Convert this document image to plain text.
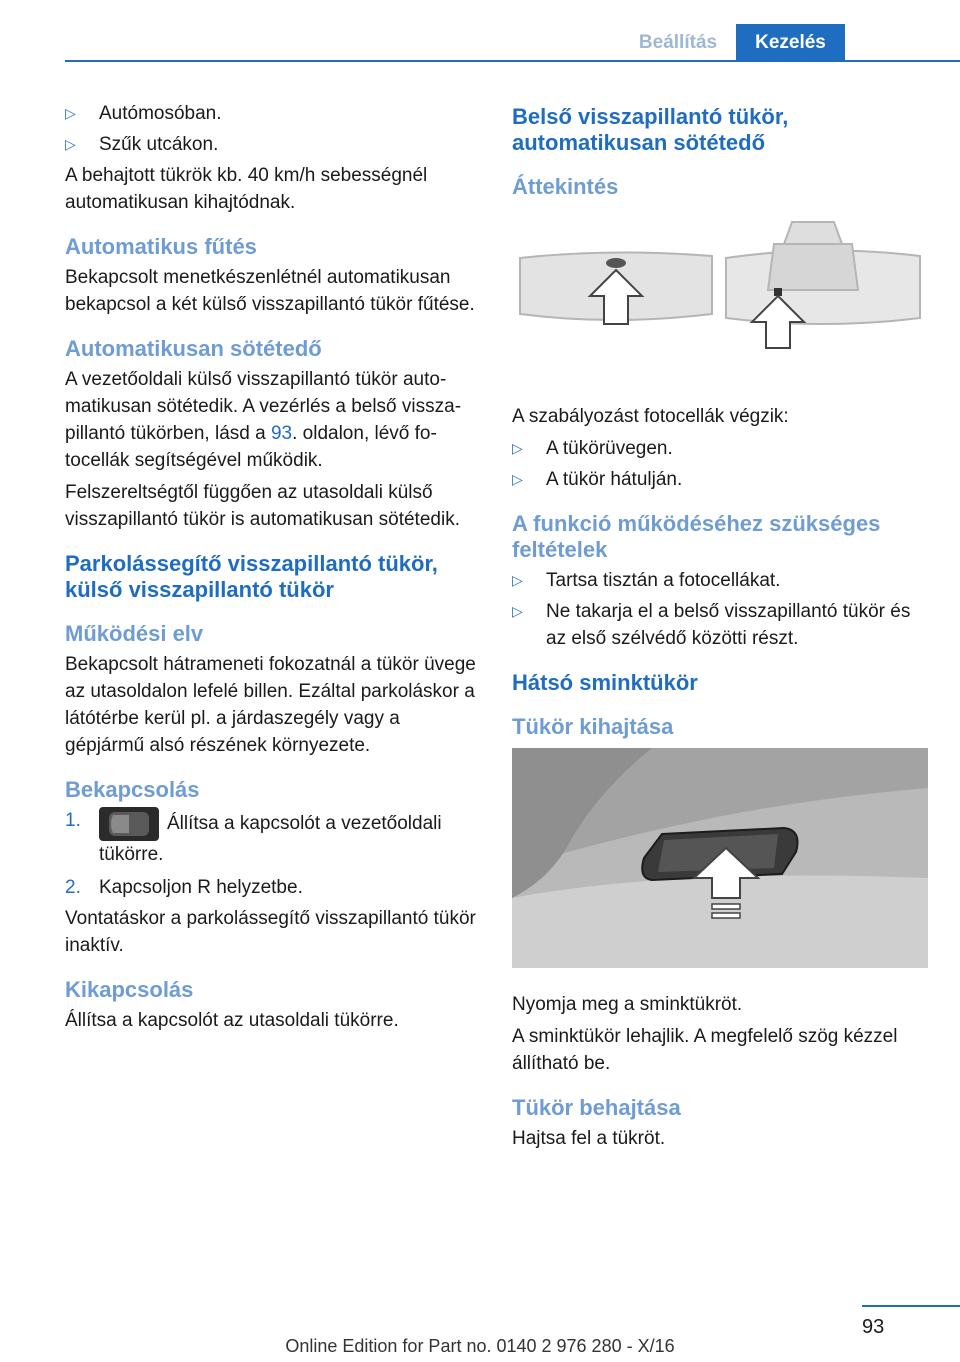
Beállítás	Kezelés
▷ Autómosóban.
▷ Szűk utcákon.

A behajtott tükrök kb. 40 km/h sebességnél automatikusan kihajtódnak.

Automatikus fűtés

Bekapcsolt menetkészenlétnél automatikusan bekapcsol a két külső visszapillantó tükör fűtése.

Automatikusan sötétedő

A vezetőoldali külső visszapillantó tükör automatikusan sötétedik. A vezérlés a belső visszapillantó tükörben, lásd a 93. oldalon, lévő fotocellák segítségével működik.

Felszereltségtől függően az utasoldali külső visszapillantó tükör is automatikusan sötétedik.

Parkolássegítő visszapillantó tükör, külső visszapillantó tükör
Működési elv

Bekapcsolt hátrameneti fokozatnál a tükör üvege az utasoldalon lefelé billen. Ezáltal parkoláskor a látótérbe kerül pl. a járdaszegély vagy a gépjármű alsó részének környezete.

Bekapcsolás
1.	Állítsa a kapcsolót a vezetőoldali tükörre.
2. Kapcsoljon R helyzetbe.

Vontatáskor a parkolássegítő visszapillantó tükör inaktív.

Kikapcsolás

Állítsa a kapcsolót az utasoldali tükörre.

Belső visszapillantó tükör, automatikusan sötétedő
Áttekintés

A szabályozást fotocellák végzik:

▷ A tükörüvegen.
▷ A tükör hátulján.
A funkció működéséhez szükséges feltételek
▷ Tartsa tisztán a fotocellákat.
▷ Ne takarja el a belső visszapillantó tükör és az első szélvédő közötti részt.
Hátsó sminktükör
Tükör kihajtása

Nyomja meg a sminktükröt.

A sminktükör lehajlik. A megfelelő szög kézzel állítható be.

Tükör behajtása

Hajtsa fel a tükröt.

93
Online Edition for Part no. 0140 2 976 280 - X/16
